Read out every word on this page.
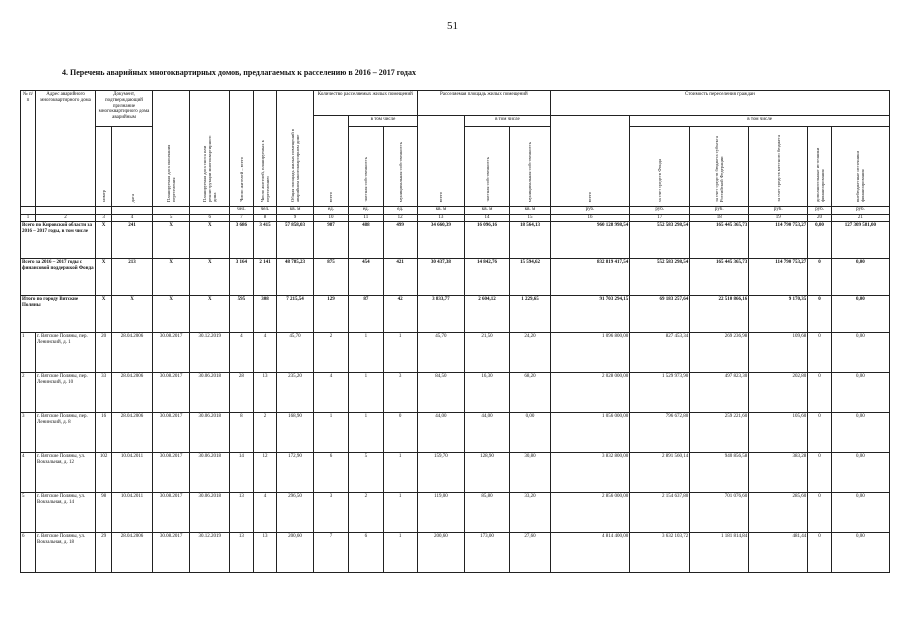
51
4. Перечень аварийных многоквартирных домов, предлагаемых к расселению в 2016 – 2017 годах
№ п/п	Адрес аварийного многоквартирного дома	Документ, подтверждающий признание многоквартирного дома аварийным		Планируемая дата окончания переселения	Планируемая дата сноса или реконструкции многоквартирного дома	Число жителей – всего	Число жителей, планируемых к переселению	Общая площадь жилых помещений в аварийном многоквартирном доме	Количество расселяемых жилых помещений			Расселяемая площадь жилых помещений			Стоимость переселения граждан					
									всего	в том числе		всего	в том числе		всего	в том числе				
		номер	дата							частная собственность	муниципальная собственность		частная собственность	муниципальная собственность		за счет средств Фонда	за счет средств бюджета субъекта Российской Федерации	за счет средств местного бюджета	дополнительные источники финансирования	внебюджетные источники финансирования
						чел.	чел.	кв. м	ед.	ед.	ед.	кв. м	кв. м	кв. м	руб.	руб.	руб.	руб.	руб.	руб.
1	2	3	4	5	6	7	8	9	10	11	12	13	14	15	16	17	18	19	20	21
Всего по Кировской области за 2016 – 2017 годы, в том числе		X	241	X	X	3 686	3 415	57 858,03	987	488	499	34 660,39	16 096,16	18 564,13	960 128 998,54	552 583 298,54	165 445 365,73	114 790 753,27	0,00	127 309 581,00
Всего за 2016 – 2017 годы с финансовой поддержкой Фонда		X	213	X	X	3 164	2 141	48 785,23	875	454	421	30 437,38	14 842,76	15 594,62	832 819 417,54	552 583 298,54	165 445 365,73	114 790 753,27	0	0,00
Итого по городу Вятские Поляны		X	X	X	X	595	308	7 215,54	129	87	42	3 833,77	2 604,12	1 229,65	91 703 294,15	69 183 257,64	22 510 866,16	9 170,35	0	0,00
1	г. Вятские Поляны, пер. Ленинский, д. 1	20	28.04.2006	30.08.2017	30.12.2019	4	4	45,70	2	1	1	45,70	21,50	24,20	1 096 800,00	827 453,34	269 236,98	109,68	0	0,00
2	г. Вятские Поляны, пер. Ленинский, д. 10	33	28.04.2006	30.08.2017	30.06.2018	28	13	235,20	4	1	3	84,50	16,30	68,20	2 028 000,00	1 529 973,90	497 823,30	202,80	0	0,00
3	г. Вятские Поляны, пер. Ленинский, д. 8	16	28.04.2006	30.08.2017	30.06.2018	8	2	168,90	1	1	0	44,00	44,00	0,00	1 056 000,00	796 672,80	259 221,60	105,60	0	0,00
4	г. Вятские Поляны, ул. Вокзальная, д. 12	102	10.04.2011	30.08.2017	30.06.2018	14	12	172,90	6	5	1	159,70	128,90	30,80	3 832 800,00	2 891 560,14	940 856,58	383,28	0	0,00
5	г. Вятские Поляны, ул. Вокзальная, д. 14	98	10.04.2011	30.08.2017	30.06.2018	13	4	296,50	3	2	1	119,00	85,80	33,20	2 856 000,00	2 154 637,80	701 076,60	285,60	0	0,00
6	г. Вятские Поляны, ул. Вокзальная, д. 18	29	28.04.2006	30.08.2017	30.12.2019	13	13	200,60	7	6	1	200,60	173,00	27,60	4 814 400,00	3 632 103,72	1 181 814,84	481,44	0	0,00
